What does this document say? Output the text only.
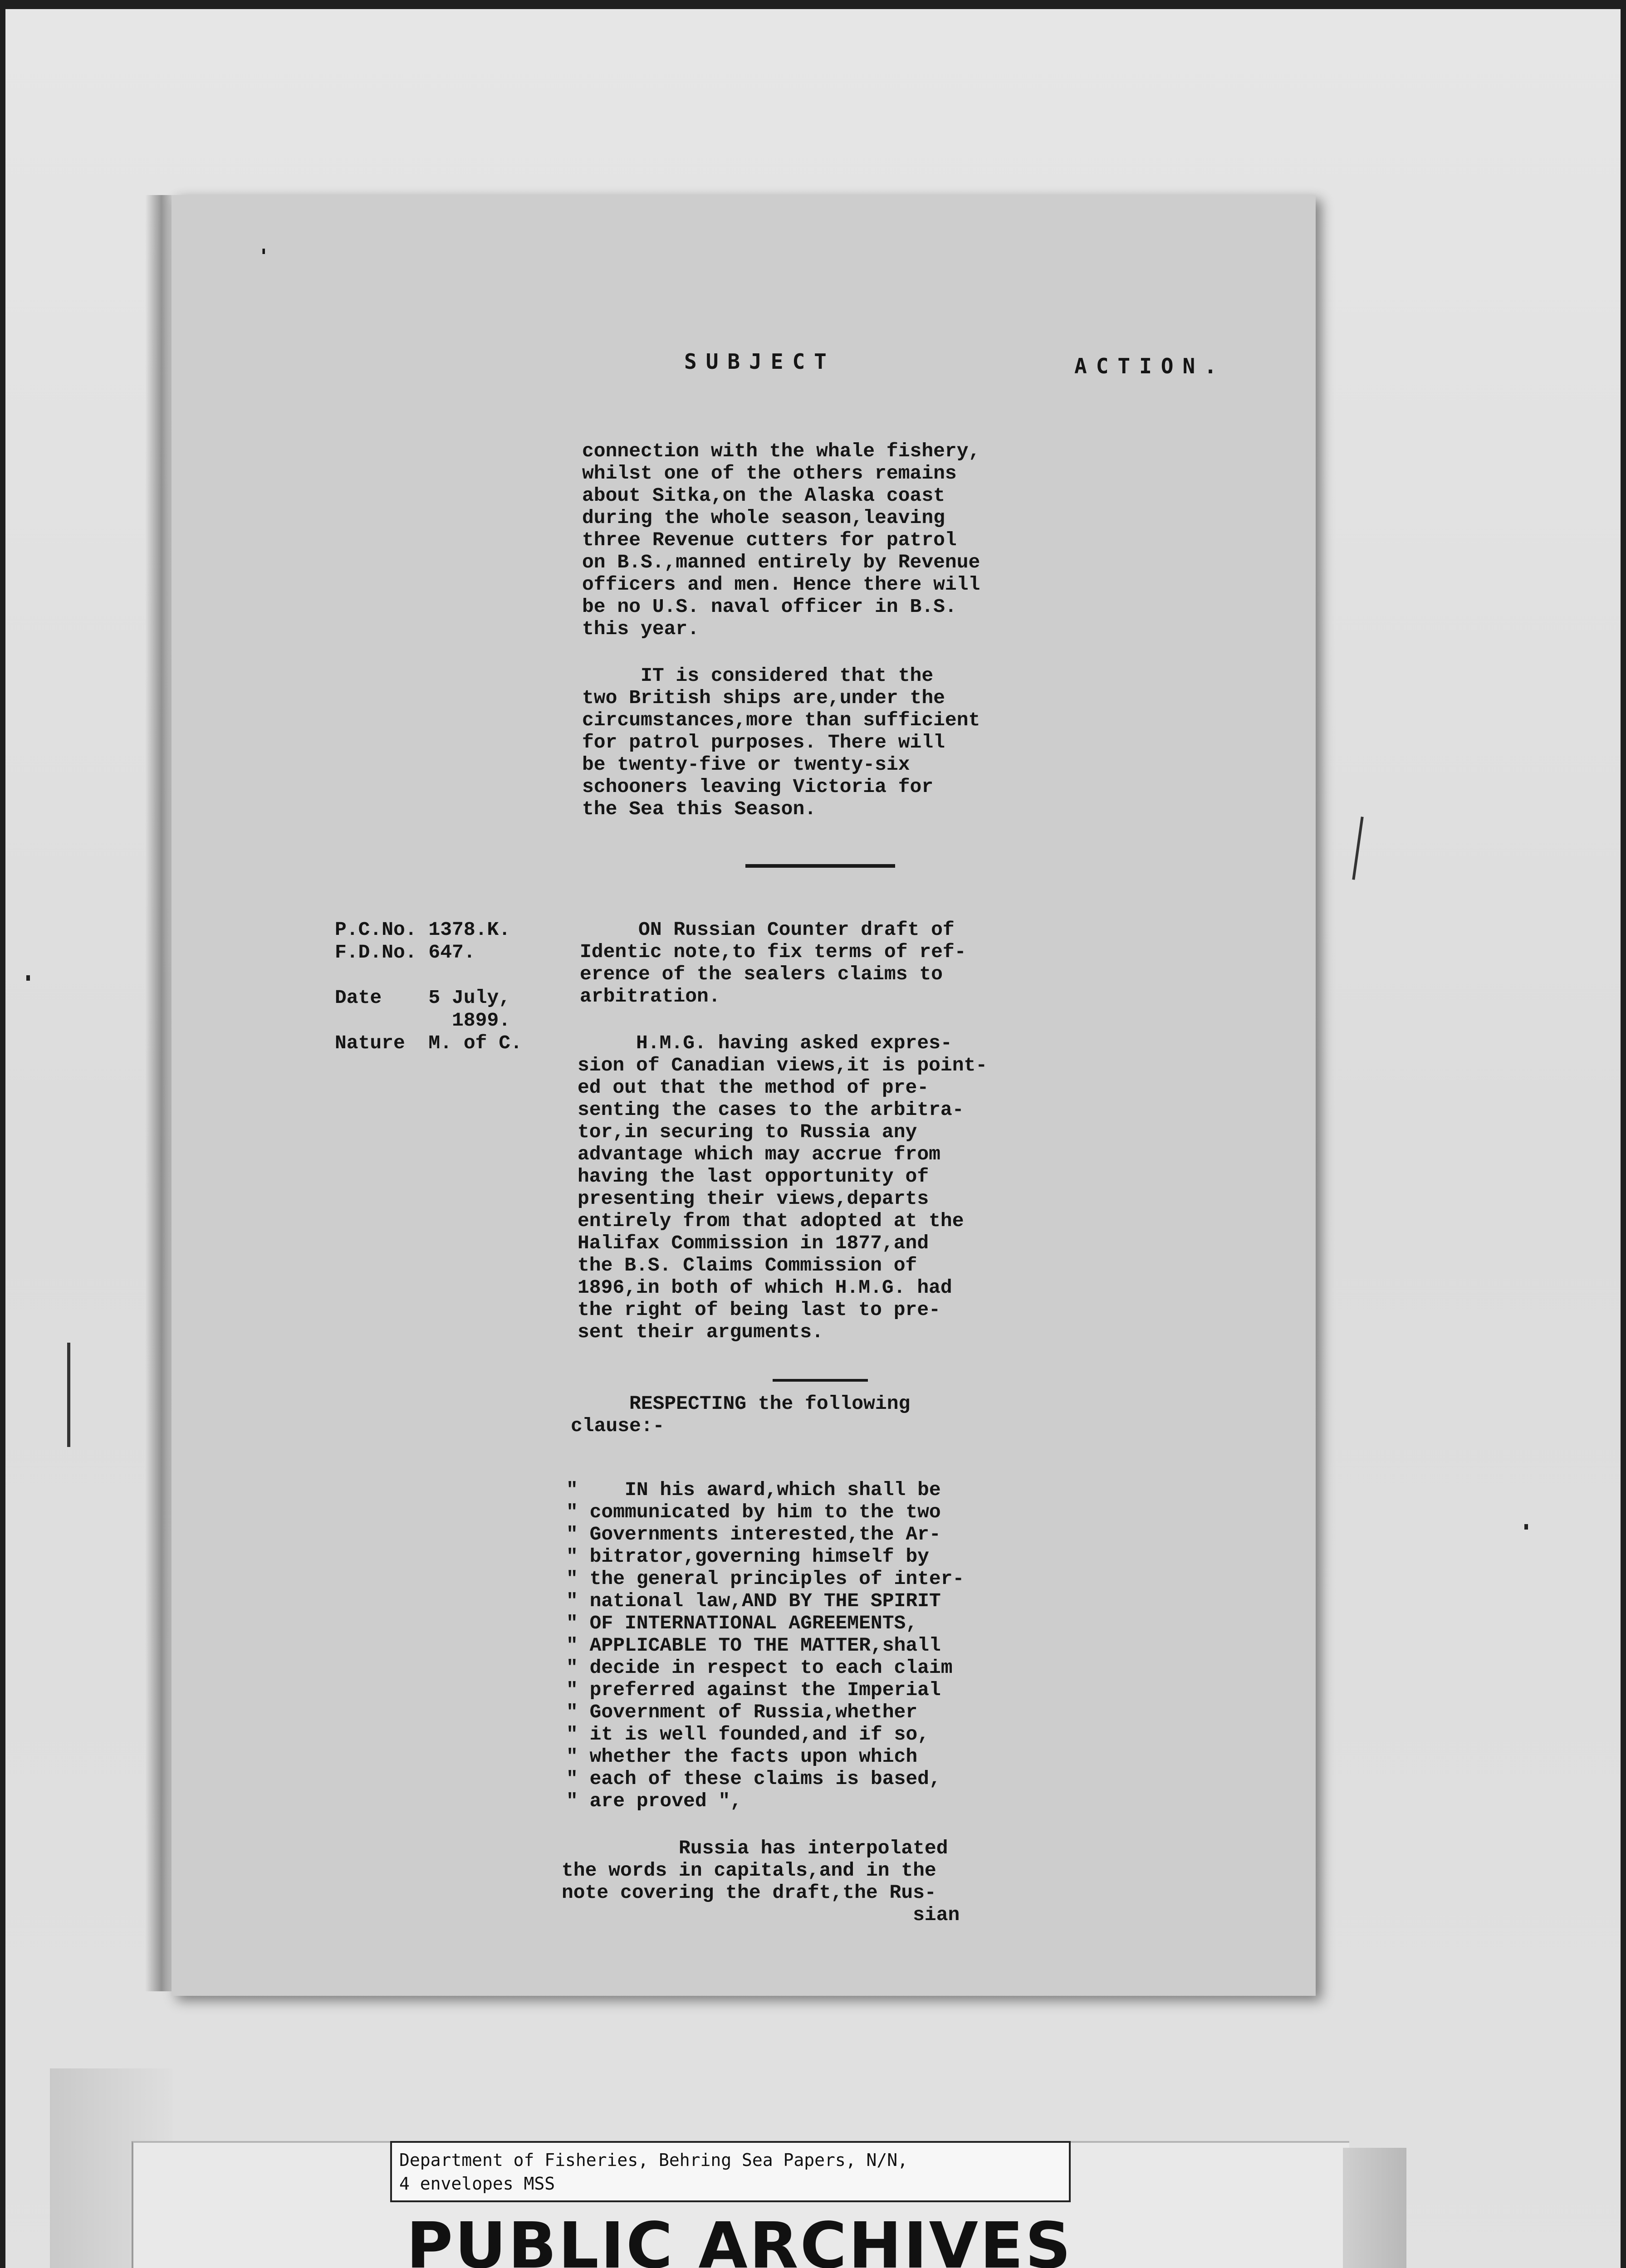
'
SUBJECT	ACTION.
connection with the whale fishery,
whilst one of the others remains
about Sitka,on the Alaska coast
during the whole season,leaving
three Revenue cutters for patrol
on B.S.,manned entirely by Revenue
officers and men. Hence there will
be no U.S. naval officer in B.S.
this year.
IT is considered that the
two British ships are,under the
circumstances,more than sufficient
for patrol purposes. There will
be twenty-five or twenty-six
schooners leaving Victoria for
the Sea this Season.
P.C.No. 1378.K.
F.D.No. 647.

Date    5 July,
1899.
Nature  M. of C.
ON Russian Counter draft of
Identic note,to fix terms of ref-
erence of the sealers claims to
arbitration.
H.M.G. having asked expres-
sion of Canadian views,it is point-
ed out that the method of pre-
senting the cases to the arbitra-
tor,in securing to Russia any
advantage which may accrue from
having the last opportunity of
presenting their views,departs
entirely from that adopted at the
Halifax Commission in 1877,and
the B.S. Claims Commission of
1896,in both of which H.M.G. had
the right of being last to pre-
sent their arguments.
RESPECTING the following
clause:-
"    IN his award,which shall be
" communicated by him to the two
" Governments interested,the Ar-
" bitrator,governing himself by
" the general principles of inter-
" national law,AND BY THE SPIRIT
" OF INTERNATIONAL AGREEMENTS,
" APPLICABLE TO THE MATTER,shall
" decide in respect to each claim
" preferred against the Imperial
" Government of Russia,whether
" it is well founded,and if so,
" whether the facts upon which
" each of these claims is based,
" are proved ",
Russia has interpolated
the words in capitals,and in the
note covering the draft,the Rus-
sian
Department of Fisheries, Behring Sea Papers, N/N,
4 envelopes MSS
PUBLIC ARCHIVES
